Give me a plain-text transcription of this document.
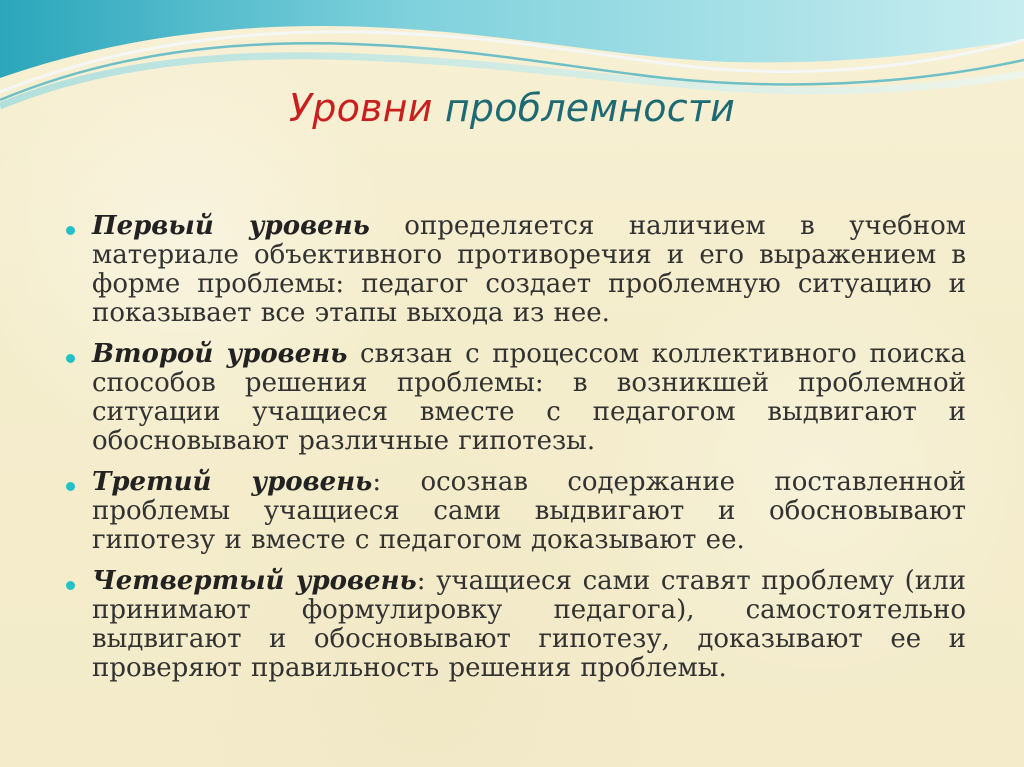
Уровни проблемности
Первый уровень определяется наличием в учебном материале объективного противоречия и его выражением в форме проблемы: педагог создает проблемную ситуацию и показывает все этапы выхода из нее.
Второй уровень связан с процессом коллективного поиска способов решения проблемы: в возникшей проблемной ситуации учащиеся вместе с педагогом выдвигают и обосновывают различные гипотезы.
Третий уровень: осознав содержание поставленной проблемы учащиеся сами выдвигают и обосновывают гипотезу и вместе с педагогом доказывают ее.
Четвертый уровень: учащиеся сами ставят проблему (или принимают формулировку педагога), самостоятельно выдвигают и обосновывают гипотезу, доказывают ее и проверяют правильность решения проблемы.
